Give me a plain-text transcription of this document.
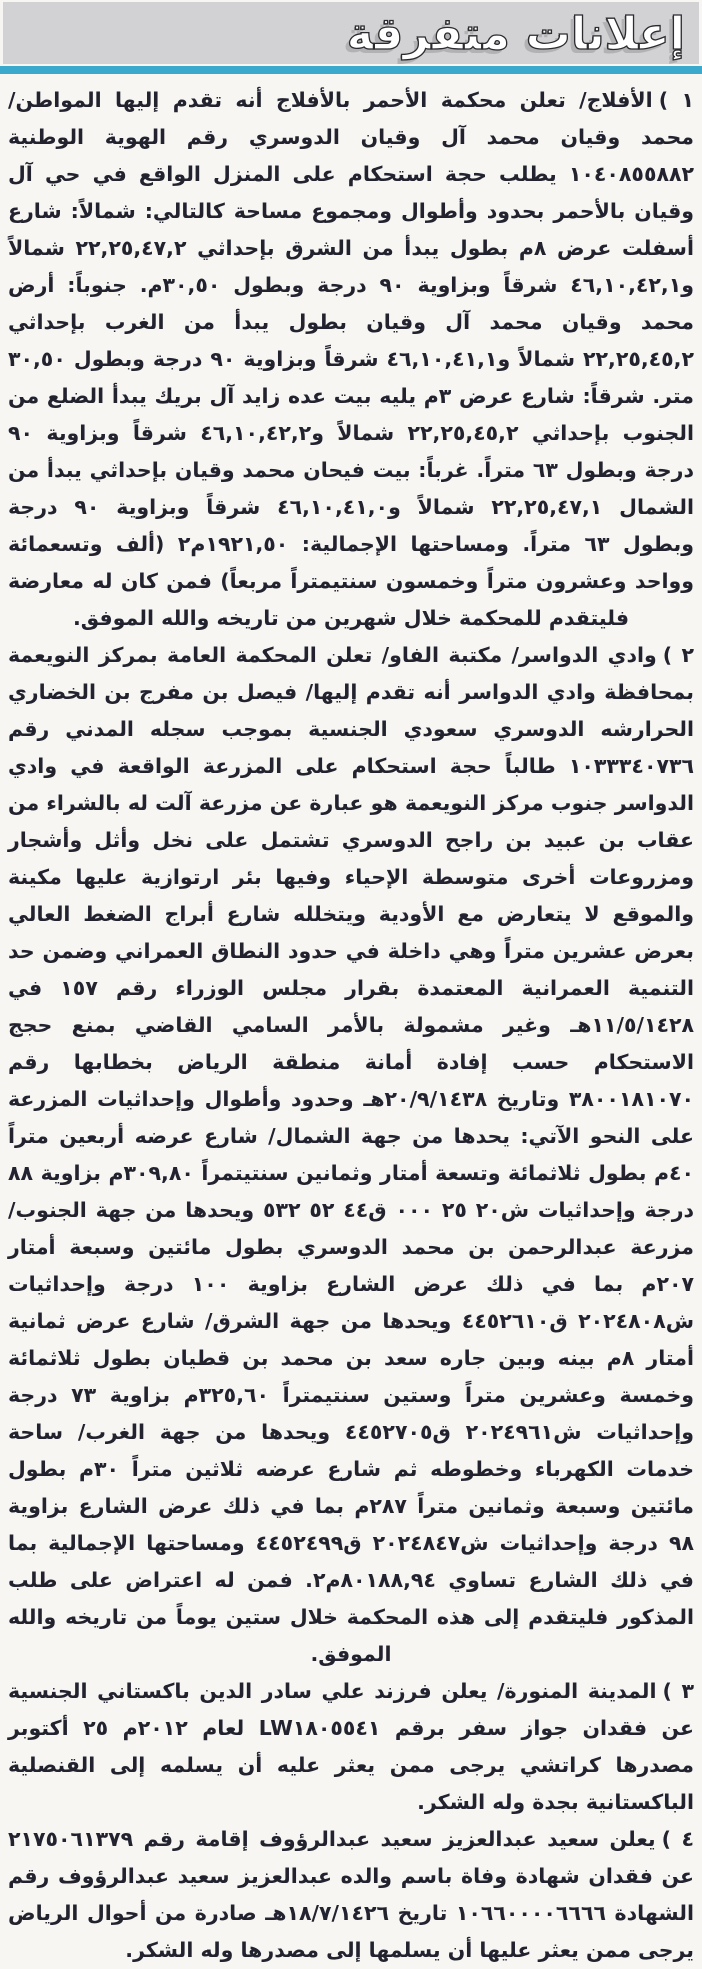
إعلانات متفرقة

١ )الأفلاج/ تعلن محكمة الأحمر بالأفلاج أنه تقدم إليها المواطن/ محمد وقيان محمد آل وقيان الدوسري رقم الهوية الوطنية ١٠٤٠٨٥٥٨٨٢ يطلب حجة استحكام على المنزل الواقع في حي آل وقيان بالأحمر بحدود وأطوال ومجموع مساحة كالتالي: شمالاً: شارع أسفلت عرض ٨م بطول يبدأ من الشرق بإحداثي ٢٢,٢٥,٤٧,٢ شمالاً و٤٦,١٠,٤٢,١ شرقاً وبزاوية ٩٠ درجة وبطول ٣٠,٥٠م. جنوباً: أرض محمد وقيان محمد آل وقيان بطول يبدأ من الغرب بإحداثي ٢٢,٢٥,٤٥,٢ شمالاً و٤٦,١٠,٤١,١ شرقاً وبزاوية ٩٠ درجة وبطول ٣٠,٥٠ متر. شرقاً: شارع عرض ٣م يليه بيت عده زايد آل بريك يبدأ الضلع من الجنوب بإحداثي ٢٢,٢٥,٤٥,٢ شمالاً و٤٦,١٠,٤٢,٢ شرقاً وبزاوية ٩٠ درجة وبطول ٦٣ متراً. غرباً: بيت فيحان محمد وقيان بإحداثي يبدأ من الشمال ٢٢,٢٥,٤٧,١ شمالاً و٤٦,١٠,٤١,٠ شرقاً وبزاوية ٩٠ درجة وبطول ٦٣ متراً. ومساحتها الإجمالية: ١٩٢١,٥٠م٢ (ألف وتسعمائة وواحد وعشرون متراً وخمسون سنتيمتراً مربعاً) فمن كان له معارضة فليتقدم للمحكمة خلال شهرين من تاريخه والله الموفق.

٢ )وادي الدواسر/ مكتبة الفاو/ تعلن المحكمة العامة بمركز النويعمة بمحافظة وادي الدواسر أنه تقدم إليها/ فيصل بن مفرج بن الخضاري الحرارشه الدوسري سعودي الجنسية بموجب سجله المدني رقم ١٠٣٣٣٤٠٧٣٦ طالباً حجة استحكام على المزرعة الواقعة في وادي الدواسر جنوب مركز النويعمة هو عبارة عن مزرعة آلت له بالشراء من عقاب بن عبيد بن راجح الدوسري تشتمل على نخل وأثل وأشجار ومزروعات أخرى متوسطة الإحياء وفيها بئر ارتوازية عليها مكينة والموقع لا يتعارض مع الأودية ويتخلله شارع أبراج الضغط العالي بعرض عشرين متراً وهي داخلة في حدود النطاق العمراني وضمن حد التنمية العمرانية المعتمدة بقرار مجلس الوزراء رقم ١٥٧ في ١١/٥/١٤٢٨هـ وغير مشمولة بالأمر السامي القاضي بمنع حجج الاستحكام حسب إفادة أمانة منطقة الرياض بخطابها رقم ٣٨٠٠١٨١٠٧٠ وتاريخ ٢٠/٩/١٤٣٨هـ وحدود وأطوال وإحداثيات المزرعة على النحو الآتي: يحدها من جهة الشمال/ شارع عرضه أربعين متراً ٤٠م بطول ثلاثمائة وتسعة أمتار وثمانين سنتيتمراً ٣٠٩,٨٠م بزاوية ٨٨ درجة وإحداثيات ش٢٠ ٢٥ ٠٠٠ ق٤٤ ٥٢ ٥٣٢ ويحدها من جهة الجنوب/ مزرعة عبدالرحمن بن محمد الدوسري بطول مائتين وسبعة أمتار ٢٠٧م بما في ذلك عرض الشارع بزاوية ١٠٠ درجة وإحداثيات ش٢٠٢٤٨٠٨ ق٤٤٥٢٦١٠ ويحدها من جهة الشرق/ شارع عرض ثمانية أمتار ٨م بينه وبين جاره سعد بن محمد بن قطيان بطول ثلاثمائة وخمسة وعشرين متراً وستين سنتيمتراً ٣٢٥,٦٠م بزاوية ٧٣ درجة وإحداثيات ش٢٠٢٤٩٦١ ق٤٤٥٢٧٠٥ ويحدها من جهة الغرب/ ساحة خدمات الكهرباء وخطوطه ثم شارع عرضه ثلاثين متراً ٣٠م بطول مائتين وسبعة وثمانين متراً ٢٨٧م بما في ذلك عرض الشارع بزاوية ٩٨ درجة وإحداثيات ش٢٠٢٤٨٤٧ ق٤٤٥٢٤٩٩ ومساحتها الإجمالية بما في ذلك الشارع تساوي ٨٠١٨٨,٩٤م٢. فمن له اعتراض على طلب المذكور فليتقدم إلى هذه المحكمة خلال ستين يوماً من تاريخه والله الموفق.

٣ )المدينة المنورة/ يعلن فرزند علي سادر الدين باكستاني الجنسية عن فقدان جواز سفر برقم LW١٨٠٥٥٤١ لعام ٢٠١٢م ٢٥ أكتوبر مصدرها كراتشي يرجى ممن يعثر عليه أن يسلمه إلى القنصلية الباكستانية بجدة وله الشكر.

٤ )يعلن سعيد عبدالعزيز سعيد عبدالرؤوف إقامة رقم ٢١٧٥٠٦١٣٧٩ عن فقدان شهادة وفاة باسم والده عبدالعزيز سعيد عبدالرؤوف رقم الشهادة ١٠٦٦٠٠٠٠٦٦٦٦ تاريخ ١٨/٧/١٤٢٦هـ صادرة من أحوال الرياض يرجى ممن يعثر عليها أن يسلمها إلى مصدرها وله الشكر.
